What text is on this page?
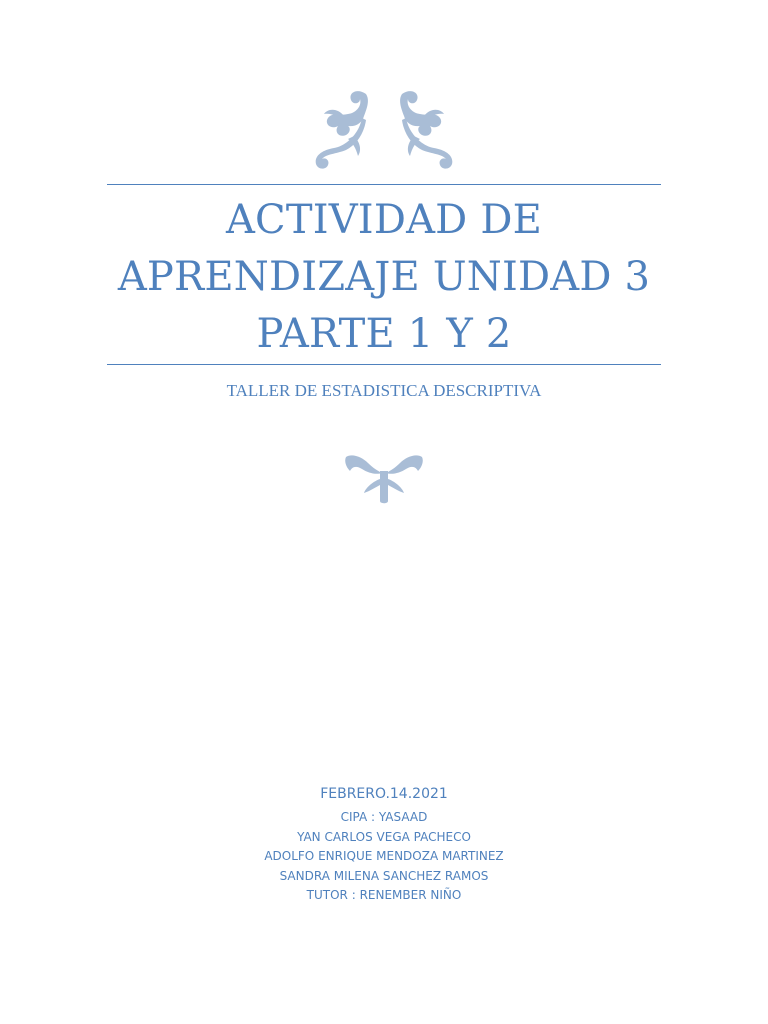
ACTIVIDAD DE
APRENDIZAJE UNIDAD 3
PARTE 1 Y 2
TALLER DE ESTADISTICA DESCRIPTIVA
FEBRERO.14.2021
CIPA : YASAAD
YAN CARLOS VEGA PACHECO
ADOLFO ENRIQUE MENDOZA MARTINEZ
SANDRA MILENA SANCHEZ RAMOS
TUTOR : RENEMBER NIÑO
